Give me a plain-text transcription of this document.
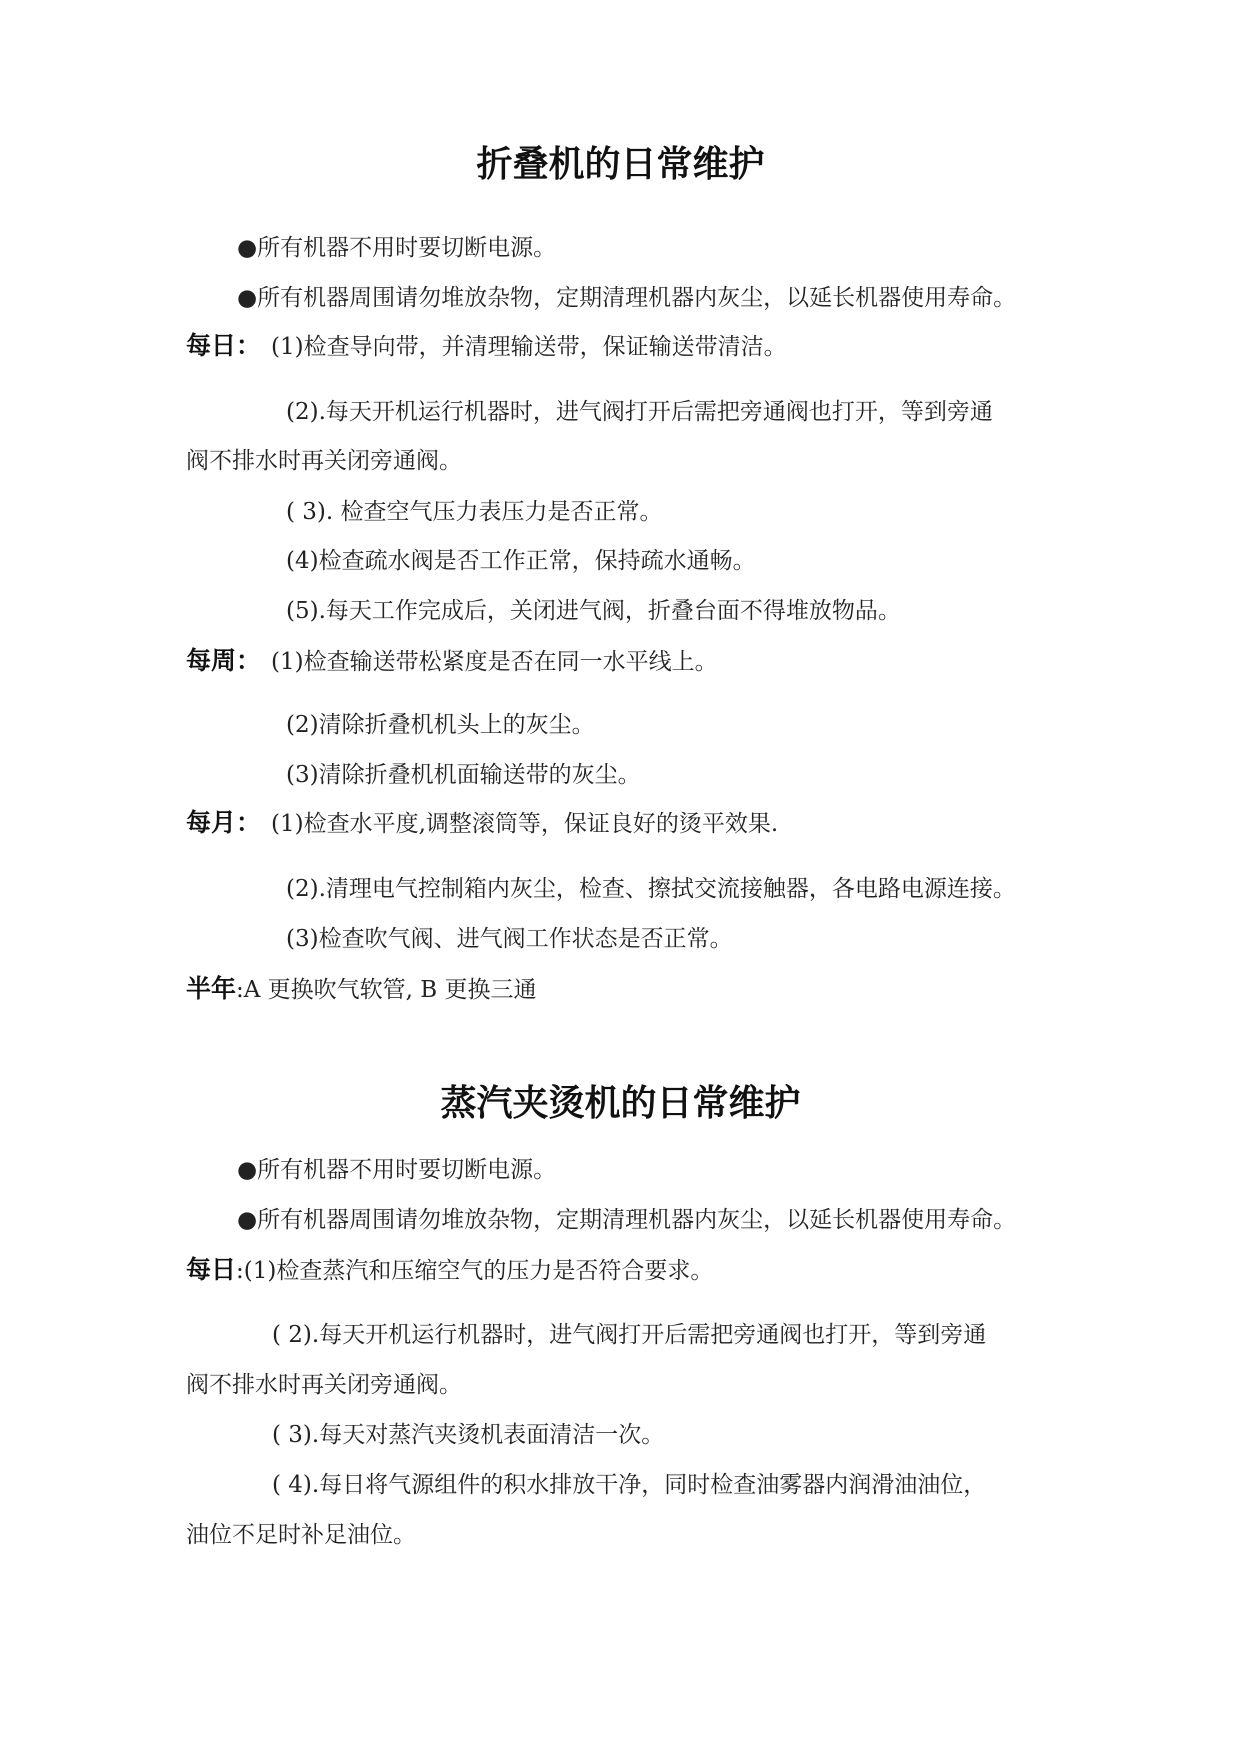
折叠机的日常维护
●所有机器不用时要切断电源。
●所有机器周围请勿堆放杂物，定期清理机器内灰尘，以延长机器使用寿命。
每日： (1)检查导向带，并清理输送带，保证输送带清洁。
(2).每天开机运行机器时，进气阀打开后需把旁通阀也打开，等到旁通
阀不排水时再关闭旁通阀。
( 3). 检查空气压力表压力是否正常。
(4)检查疏水阀是否工作正常，保持疏水通畅。
(5).每天工作完成后，关闭进气阀，折叠台面不得堆放物品。
每周： (1)检查输送带松紧度是否在同一水平线上。
(2)清除折叠机机头上的灰尘。
(3)清除折叠机机面输送带的灰尘。
每月： (1)检查水平度,调整滚筒等，保证良好的烫平效果.
(2).清理电气控制箱内灰尘，检查、擦拭交流接触器，各电路电源连接。
(3)检查吹气阀、进气阀工作状态是否正常。
半年:A 更换吹气软管, B 更换三通
蒸汽夹烫机的日常维护
●所有机器不用时要切断电源。
●所有机器周围请勿堆放杂物，定期清理机器内灰尘，以延长机器使用寿命。
每日:(1)检查蒸汽和压缩空气的压力是否符合要求。
( 2).每天开机运行机器时，进气阀打开后需把旁通阀也打开，等到旁通
阀不排水时再关闭旁通阀。
( 3).每天对蒸汽夹烫机表面清洁一次。
( 4).每日将气源组件的积水排放干净，同时检查油雾器内润滑油油位，
油位不足时补足油位。
